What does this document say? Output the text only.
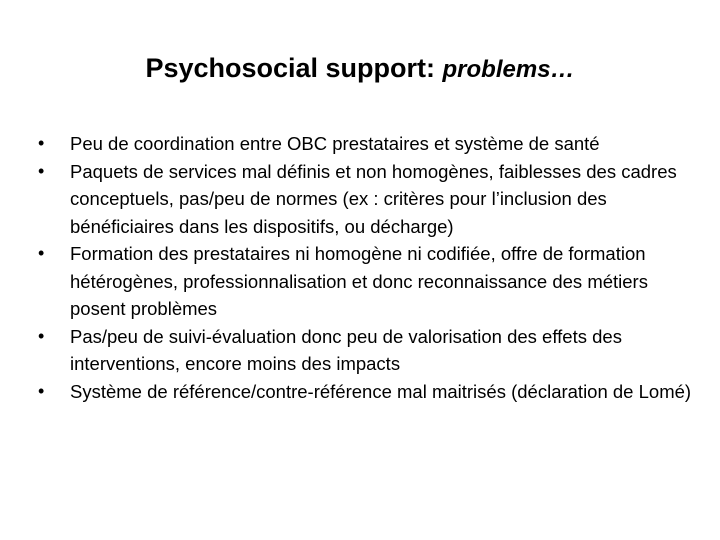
Psychosocial support: problems…
•	Peu de coordination entre OBC prestataires et système de santé
•	Paquets de services mal définis et non homogènes, faiblesses des cadres conceptuels, pas/peu de normes (ex : critères pour l’inclusion des bénéficiaires dans les dispositifs, ou décharge)
•	Formation des prestataires ni homogène ni codifiée, offre de formation hétérogènes, professionnalisation et donc reconnaissance des métiers posent problèmes
•	Pas/peu de suivi-évaluation donc peu de valorisation des effets des interventions, encore moins des impacts
•	Système de référence/contre-référence mal maitrisés (déclaration de Lomé)
